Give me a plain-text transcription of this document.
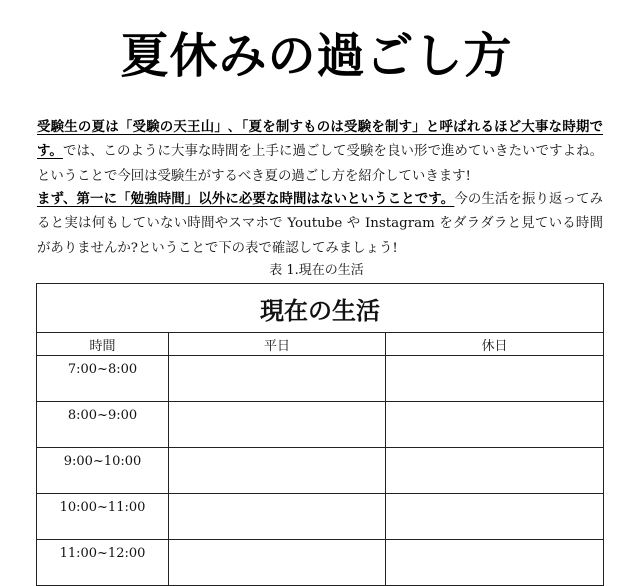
夏休みの過ごし方
受験生の夏は「受験の天王山」､「夏を制すものは受験を制す」と呼ばれるほど大事な時期です。では、このように大事な時間を上手に過ごして受験を良い形で進めていきたいですよね。ということで今回は受験生がするべき夏の過ごし方を紹介していきます!
まず、第一に「勉強時間」以外に必要な時間はないということです。今の生活を振り返ってみると実は何もしていない時間やスマホで Youtube や Instagram をダラダラと見ている時間がありませんか?ということで下の表で確認してみましょう!
表 1.現在の生活
現在の生活		
時間	平日	休日
7:00~8:00		
8:00~9:00		
9:00~10:00		
10:00~11:00		
11:00~12:00		
